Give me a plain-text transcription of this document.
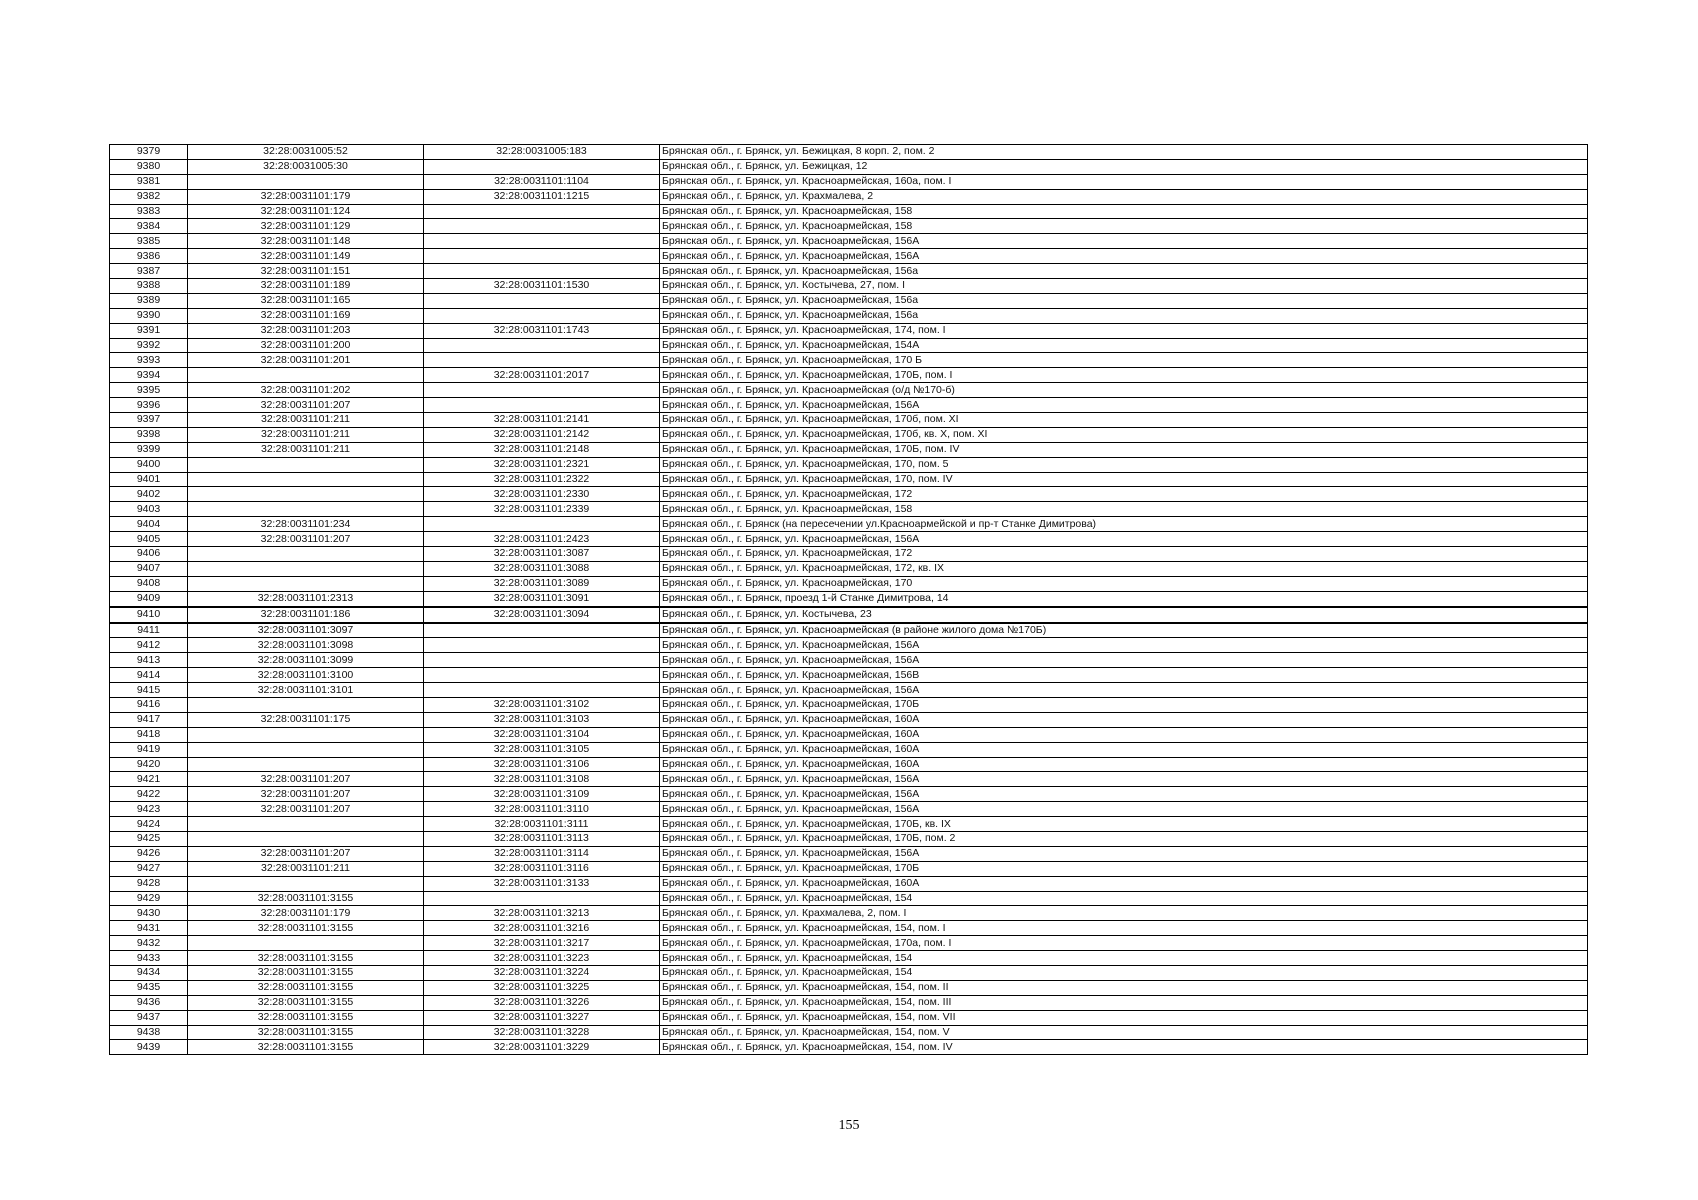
9379	32:28:0031005:52	32:28:0031005:183	Брянская обл., г. Брянск, ул. Бежицкая, 8 корп. 2, пом. 2
9380	32:28:0031005:30		Брянская обл., г. Брянск, ул. Бежицкая, 12
9381		32:28:0031101:1104	Брянская обл., г. Брянск, ул. Красноармейская, 160а, пом. I
9382	32:28:0031101:179	32:28:0031101:1215	Брянская обл., г. Брянск, ул. Крахмалева, 2
9383	32:28:0031101:124		Брянская обл., г. Брянск, ул. Красноармейская, 158
9384	32:28:0031101:129		Брянская обл., г. Брянск, ул. Красноармейская, 158
9385	32:28:0031101:148		Брянская обл., г. Брянск, ул. Красноармейская, 156А
9386	32:28:0031101:149		Брянская обл., г. Брянск, ул. Красноармейская, 156А
9387	32:28:0031101:151		Брянская обл., г. Брянск, ул. Красноармейская, 156а
9388	32:28:0031101:189	32:28:0031101:1530	Брянская обл., г. Брянск, ул. Костычева, 27, пом. I
9389	32:28:0031101:165		Брянская обл., г. Брянск, ул. Красноармейская, 156а
9390	32:28:0031101:169		Брянская обл., г. Брянск, ул. Красноармейская, 156а
9391	32:28:0031101:203	32:28:0031101:1743	Брянская обл., г. Брянск, ул. Красноармейская, 174, пом. I
9392	32:28:0031101:200		Брянская обл., г. Брянск, ул. Красноармейская, 154А
9393	32:28:0031101:201		Брянская обл., г. Брянск, ул. Красноармейская, 170 Б
9394		32:28:0031101:2017	Брянская обл., г. Брянск, ул. Красноармейская, 170Б, пом. I
9395	32:28:0031101:202		Брянская обл., г. Брянск, ул. Красноармейская (о/д №170-б)
9396	32:28:0031101:207		Брянская обл., г. Брянск, ул. Красноармейская, 156А
9397	32:28:0031101:211	32:28:0031101:2141	Брянская обл., г. Брянск, ул. Красноармейская, 170б, пом. XI
9398	32:28:0031101:211	32:28:0031101:2142	Брянская обл., г. Брянск, ул. Красноармейская, 170б, кв. X, пом. XI
9399	32:28:0031101:211	32:28:0031101:2148	Брянская обл., г. Брянск, ул. Красноармейская, 170Б, пом. IV
9400		32:28:0031101:2321	Брянская обл., г. Брянск, ул. Красноармейская, 170, пом. 5
9401		32:28:0031101:2322	Брянская обл., г. Брянск, ул. Красноармейская, 170, пом. IV
9402		32:28:0031101:2330	Брянская обл., г. Брянск, ул. Красноармейская, 172
9403		32:28:0031101:2339	Брянская обл., г. Брянск, ул. Красноармейская, 158
9404	32:28:0031101:234		Брянская обл., г. Брянск (на пересечении ул.Красноармейской и пр-т Станке Димитрова)
9405	32:28:0031101:207	32:28:0031101:2423	Брянская обл., г. Брянск, ул. Красноармейская, 156А
9406		32:28:0031101:3087	Брянская обл., г. Брянск, ул. Красноармейская, 172
9407		32:28:0031101:3088	Брянская обл., г. Брянск, ул. Красноармейская, 172, кв. IX
9408		32:28:0031101:3089	Брянская обл., г. Брянск, ул. Красноармейская, 170
9409	32:28:0031101:2313	32:28:0031101:3091	Брянская обл., г. Брянск, проезд 1-й Станке Димитрова, 14
9410	32:28:0031101:186	32:28:0031101:3094	Брянская обл., г. Брянск, ул. Костычева, 23
9411	32:28:0031101:3097		Брянская обл., г. Брянск, ул. Красноармейская (в районе жилого дома №170Б)
9412	32:28:0031101:3098		Брянская обл., г. Брянск, ул. Красноармейская, 156А
9413	32:28:0031101:3099		Брянская обл., г. Брянск, ул. Красноармейская, 156А
9414	32:28:0031101:3100		Брянская обл., г. Брянск, ул. Красноармейская, 156В
9415	32:28:0031101:3101		Брянская обл., г. Брянск, ул. Красноармейская, 156А
9416		32:28:0031101:3102	Брянская обл., г. Брянск, ул. Красноармейская, 170Б
9417	32:28:0031101:175	32:28:0031101:3103	Брянская обл., г. Брянск, ул. Красноармейская, 160А
9418		32:28:0031101:3104	Брянская обл., г. Брянск, ул. Красноармейская, 160А
9419		32:28:0031101:3105	Брянская обл., г. Брянск, ул. Красноармейская, 160А
9420		32:28:0031101:3106	Брянская обл., г. Брянск, ул. Красноармейская, 160А
9421	32:28:0031101:207	32:28:0031101:3108	Брянская обл., г. Брянск, ул. Красноармейская, 156А
9422	32:28:0031101:207	32:28:0031101:3109	Брянская обл., г. Брянск, ул. Красноармейская, 156А
9423	32:28:0031101:207	32:28:0031101:3110	Брянская обл., г. Брянск, ул. Красноармейская, 156А
9424		32:28:0031101:3111	Брянская обл., г. Брянск, ул. Красноармейская, 170Б, кв. IX
9425		32:28:0031101:3113	Брянская обл., г. Брянск, ул. Красноармейская, 170Б, пом. 2
9426	32:28:0031101:207	32:28:0031101:3114	Брянская обл., г. Брянск, ул. Красноармейская, 156А
9427	32:28:0031101:211	32:28:0031101:3116	Брянская обл., г. Брянск, ул. Красноармейская, 170Б
9428		32:28:0031101:3133	Брянская обл., г. Брянск, ул. Красноармейская, 160А
9429	32:28:0031101:3155		Брянская обл., г. Брянск, ул. Красноармейская, 154
9430	32:28:0031101:179	32:28:0031101:3213	Брянская обл., г. Брянск, ул. Крахмалева, 2, пом. I
9431	32:28:0031101:3155	32:28:0031101:3216	Брянская обл., г. Брянск, ул. Красноармейская, 154, пом. I
9432		32:28:0031101:3217	Брянская обл., г. Брянск, ул. Красноармейская, 170а, пом. I
9433	32:28:0031101:3155	32:28:0031101:3223	Брянская обл., г. Брянск, ул. Красноармейская, 154
9434	32:28:0031101:3155	32:28:0031101:3224	Брянская обл., г. Брянск, ул. Красноармейская, 154
9435	32:28:0031101:3155	32:28:0031101:3225	Брянская обл., г. Брянск, ул. Красноармейская, 154, пом. II
9436	32:28:0031101:3155	32:28:0031101:3226	Брянская обл., г. Брянск, ул. Красноармейская, 154, пом. III
9437	32:28:0031101:3155	32:28:0031101:3227	Брянская обл., г. Брянск, ул. Красноармейская, 154, пом. VII
9438	32:28:0031101:3155	32:28:0031101:3228	Брянская обл., г. Брянск, ул. Красноармейская, 154, пом. V
9439	32:28:0031101:3155	32:28:0031101:3229	Брянская обл., г. Брянск, ул. Красноармейская, 154, пом. IV
155
